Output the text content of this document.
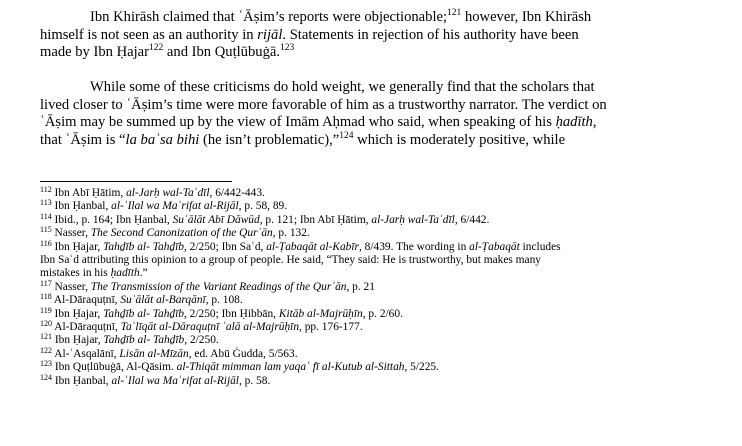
Ibn Khirāsh claimed that ʿĀṣim’s reports were objectionable;$^{121}$ however, Ibn Khirāsh
himself is not seen as an authority in rijāl. Statements in rejection of his authority have been
made by Ibn Ḥajar$^{122}$ and Ibn Quṭlūbuġā.$^{123}$
While some of these criticisms do hold weight, we generally find that the scholars that
lived closer to ʿĀṣim’s time were more favorable of him as a trustworthy narrator. The verdict on
ʿĀṣim may be summed up by the view of Imām Aḥmad who said, when speaking of his ḥadīth,
that ʿĀṣim is “la baʾsa bihi (he isn’t problematic),”$^{124}$ which is moderately positive, while
$^{112}$ Ibn Abī Ḥātim, al-Jarḥ wal-Taʿdīl, 6/442-443.
$^{113}$ Ibn Ḥanbal, al-ʿIlal wa Maʿrifat al-Rijāl, p. 58, 89.
$^{114}$ Ibid., p. 164; Ibn Ḥanbal, Suʾālāt Abī Dāwūd, p. 121; Ibn Abī Ḥātim, al-Jarḥ wal-Taʿdīl, 6/442.
$^{115}$ Nasser, The Second Canonization of the Qurʾān, p. 132.
$^{116}$ Ibn Ḥajar, Tahḏīb al- Tahḏīb, 2/250; Ibn Saʿd, al-Ṭabaqāt al-Kabīr, 8/439. The wording in al-Ṭabaqāt includes
Ibn Saʿd attributing this opinion to a group of people. He said, “They said: He is trustworthy, but makes many
mistakes in his ḥadīth.”
$^{117}$ Nasser, The Transmission of the Variant Readings of the Qurʾān, p. 21
$^{118}$ Al-Dāraquṭnī, Suʾālāt al-Barqānī, p. 108.
$^{119}$ Ibn Ḥajar, Tahḏīb al- Tahḏīb, 2/250; Ibn Ḥibbān, Kitāb al-Majrūḥīn, p. 2/60.
$^{120}$ Al-Dāraquṭnī, Taʿlīqāt al-Dāraquṭnī ʿalā al-Majrūḥīn, pp. 176-177.
$^{121}$ Ibn Ḥajar, Tahḏīb al- Tahḏīb, 2/250.
$^{122}$ Al-ʿAsqalānī, Lisān al-Mīzān, ed. Abū Ġudda, 5/563.
$^{123}$ Ibn Quṭlūbuġā, Al-Qāsim. al-Thiqāt mimman lam yaqaʿ fī al-Kutub al-Sittah, 5/225.
$^{124}$ Ibn Ḥanbal, al-ʿIlal wa Maʿrifat al-Rijāl, p. 58.
